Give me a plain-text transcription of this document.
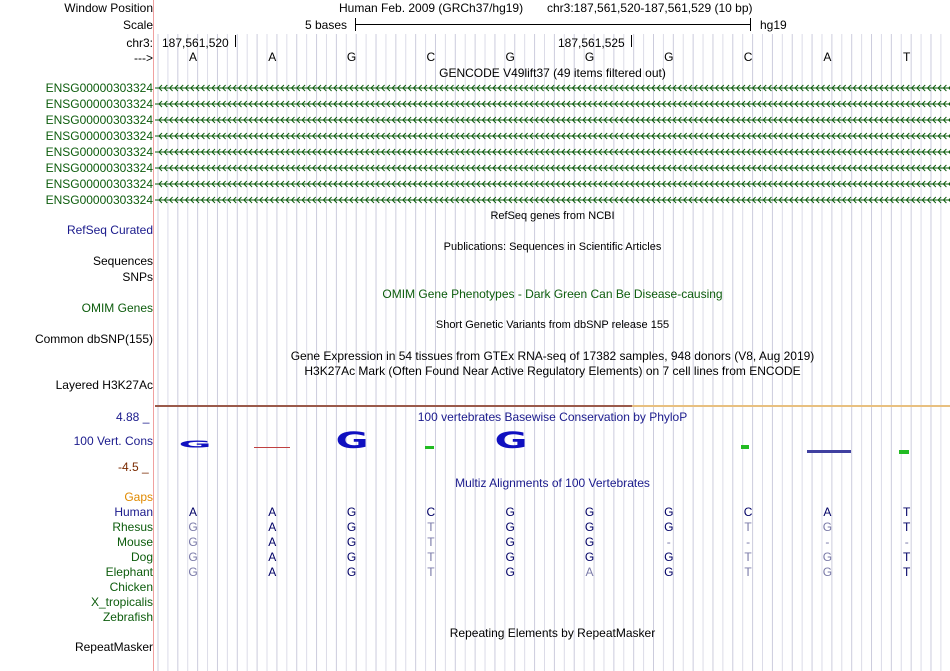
Window Position
Scale
chr3:
--->
Human Feb. 2009 (GRCh37/hg19) chr3:187,561,520-187,561,529 (10 bp)
5 bases	hg19
187,561,520	187,561,525
GENCODE V49lift37 (49 items filtered out)
RefSeq genes from NCBI
RefSeq Curated
Publications: Sequences in Scientific Articles
Sequences
SNPs
OMIM Gene Phenotypes - Dark Green Can Be Disease-causing
OMIM Genes
Short Genetic Variants from dbSNP release 155
Common dbSNP(155)
Gene Expression in 54 tissues from GTEx RNA-seq of 17382 samples, 948 donors (V8, Aug 2019)
H3K27Ac Mark (Often Found Near Active Regulatory Elements) on 7 cell lines from ENCODE
Layered H3K27Ac
100 vertebrates Basewise Conservation by PhyloP
4.88 _
100 Vert. Cons
-4.5 _
G	G	G
Multiz Alignments of 100 Vertebrates
Gaps
Repeating Elements by RepeatMasker
RepeatMasker
A	A	G	C	G	G	G	C	A	T
ENSG00000303324
ENSG00000303324
ENSG00000303324
ENSG00000303324
ENSG00000303324
ENSG00000303324
ENSG00000303324
ENSG00000303324
Human	A	A	G	C	G	G	G	C	A	T
Rhesus	G	A	G	T	G	G	G	T	G	T
Mouse	G	A	G	T	G	G	-	-	-	-
Dog	G	A	G	T	G	G	G	T	G	T
Elephant	G	A	G	T	G	A	G	T	G	T
Chicken
X_tropicalis
Zebrafish
